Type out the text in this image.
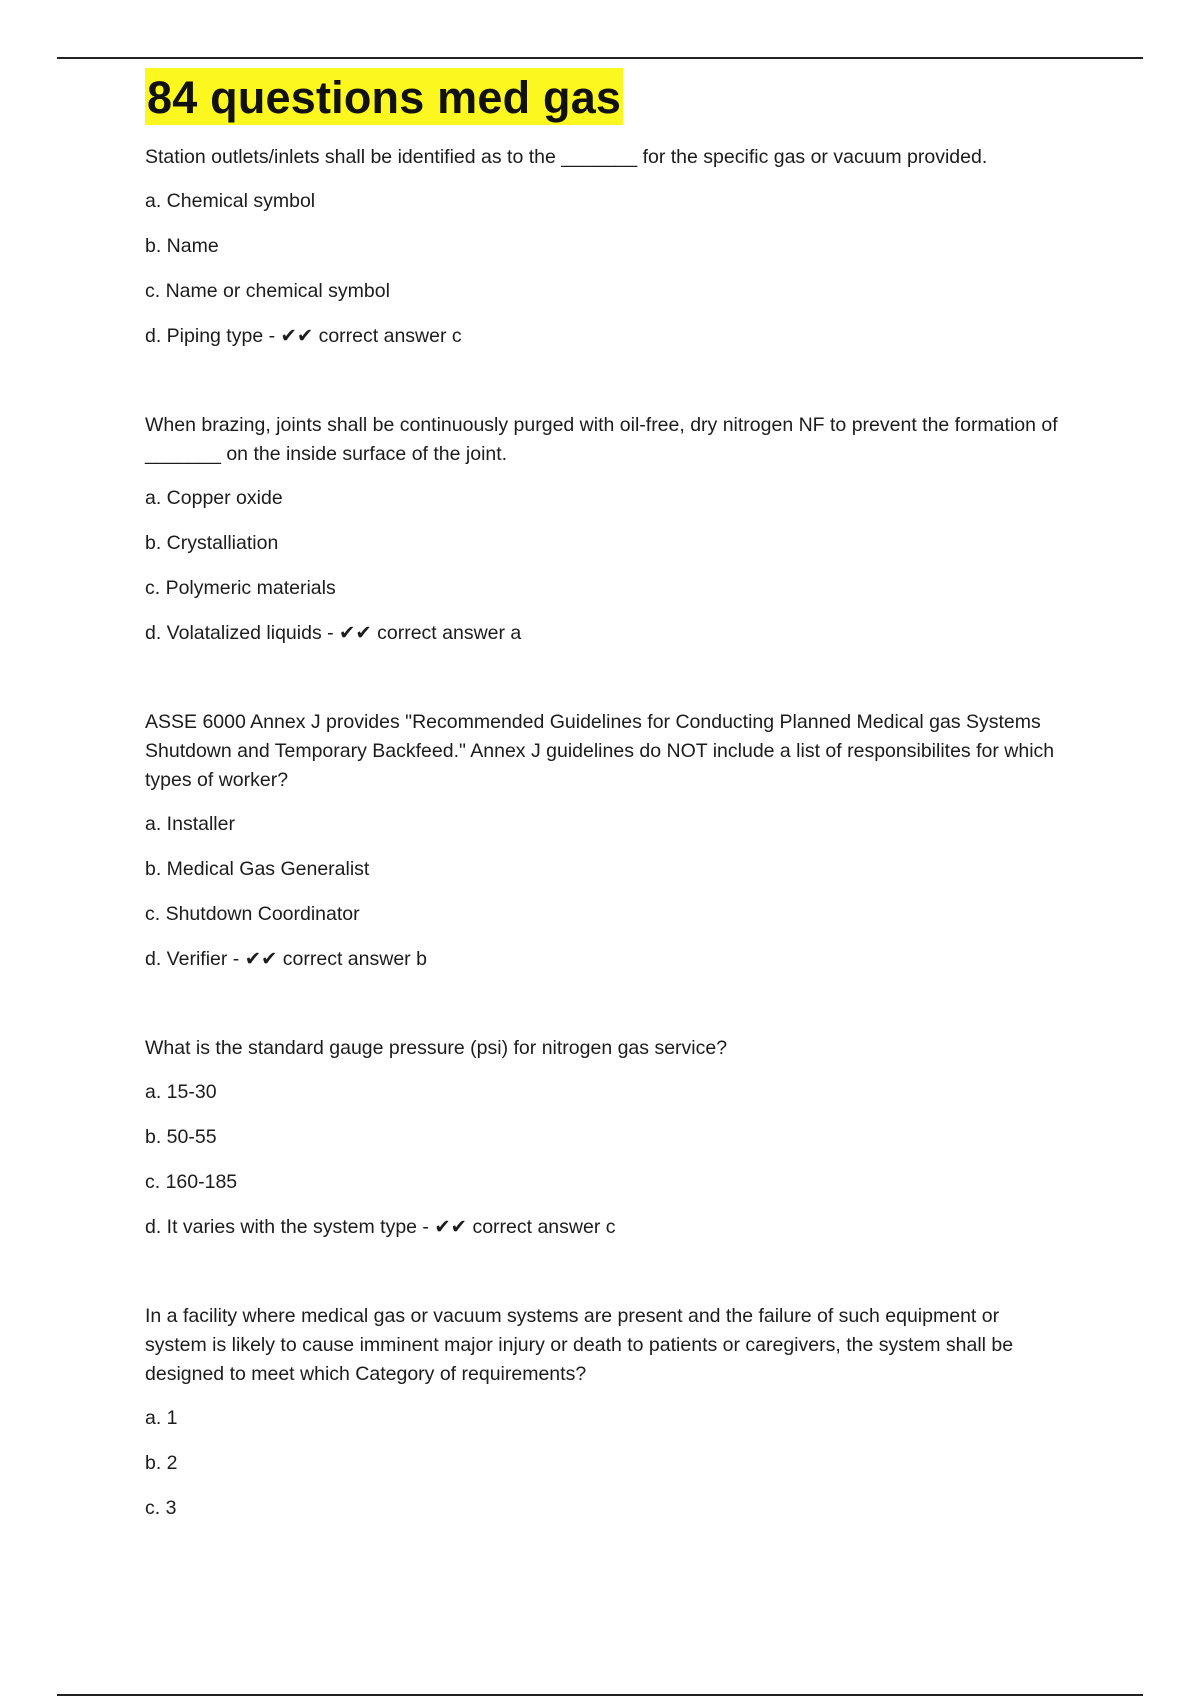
84 questions med gas

Station outlets/inlets shall be identified as to the _______ for the specific gas or vacuum provided.

a. Chemical symbol

b. Name

c. Name or chemical symbol

d. Piping type - ✔✔ correct answer c

When brazing, joints shall be continuously purged with oil-free, dry nitrogen NF to prevent the formation of _______ on the inside surface of the joint.

a. Copper oxide

b. Crystalliation

c. Polymeric materials

d. Volatalized liquids - ✔✔ correct answer a

ASSE 6000 Annex J provides "Recommended Guidelines for Conducting Planned Medical gas Systems Shutdown and Temporary Backfeed." Annex J guidelines do NOT include a list of responsibilites for which types of worker?

a. Installer

b. Medical Gas Generalist

c. Shutdown Coordinator

d. Verifier - ✔✔ correct answer b

What is the standard gauge pressure (psi) for nitrogen gas service?

a. 15-30

b. 50-55

c. 160-185

d. It varies with the system type - ✔✔ correct answer c

In a facility where medical gas or vacuum systems are present and the failure of such equipment or system is likely to cause imminent major injury or death to patients or caregivers, the system shall be designed to meet which Category of requirements?

a. 1

b. 2

c. 3
